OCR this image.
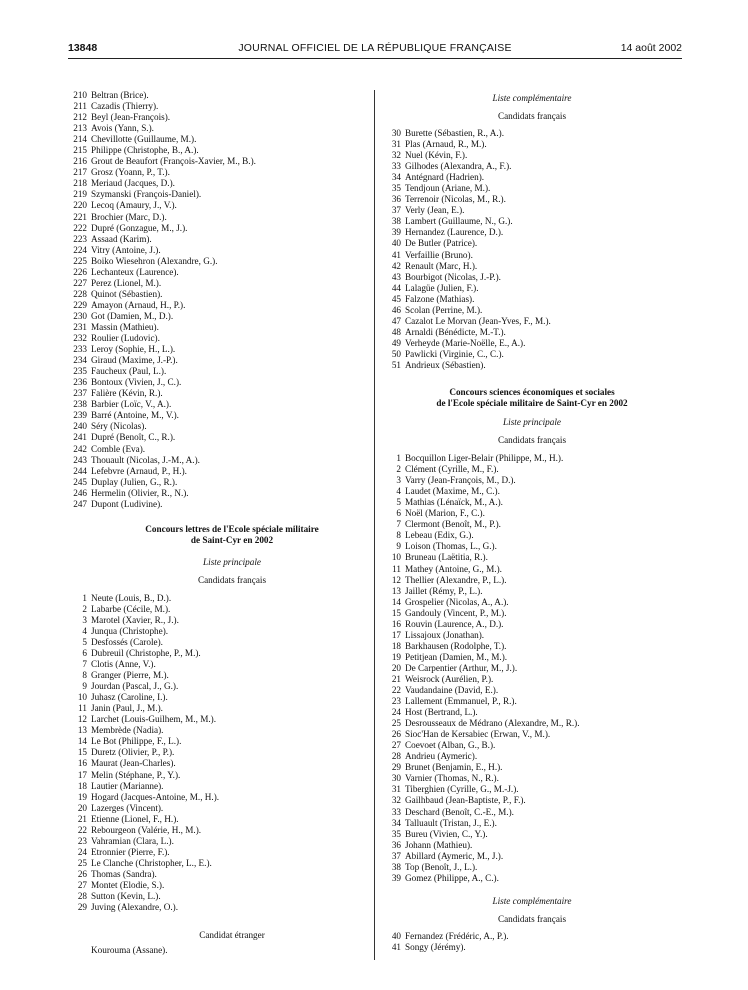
13848	JOURNAL OFFICIEL DE LA RÉPUBLIQUE FRANÇAISE	14 août 2002
210 Beltran (Brice).
211 Cazadis (Thierry).
212 Beyl (Jean-François).
213 Avois (Yann, S.).
214 Chevillotte (Guillaume, M.).
215 Philippe (Christophe, B., A.).
216 Grout de Beaufort (François-Xavier, M., B.).
217 Grosz (Yoann, P., T.).
218 Meriaud (Jacques, D.).
219 Szymanski (François-Daniel).
220 Lecoq (Amaury, J., V.).
221 Brochier (Marc, D.).
222 Dupré (Gonzague, M., J.).
223 Assaad (Karim).
224 Vitry (Antoine, J.).
225 Boiko Wiesehron (Alexandre, G.).
226 Lechanteux (Laurence).
227 Perez (Lionel, M.).
228 Quinot (Sébastien).
229 Amayon (Arnaud, H., P.).
230 Got (Damien, M., D.).
231 Massin (Mathieu).
232 Roulier (Ludovic).
233 Leroy (Sophie, H., L.).
234 Giraud (Maxime, J.-P.).
235 Faucheux (Paul, L.).
236 Bontoux (Vivien, J., C.).
237 Falière (Kévin, R.).
238 Barbier (Loïc, V., A.).
239 Barré (Antoine, M., V.).
240 Séry (Nicolas).
241 Dupré (Benoît, C., R.).
242 Comble (Eva).
243 Thouault (Nicolas, J.-M., A.).
244 Lefebvre (Arnaud, P., H.).
245 Duplay (Julien, G., R.).
246 Hermelin (Olivier, R., N.).
247 Dupont (Ludivine).
Concours lettres de l'Ecole spéciale militaire
de Saint-Cyr en 2002
Liste principale
Candidats français
1 Neute (Louis, B., D.).
2 Labarbe (Cécile, M.).
3 Marotel (Xavier, R., J.).
4 Junqua (Christophe).
5 Desfossés (Carole).
6 Dubreuil (Christophe, P., M.).
7 Clotis (Anne, V.).
8 Granger (Pierre, M.).
9 Jourdan (Pascal, J., G.).
10 Juhasz (Caroline, I.).
11 Janin (Paul, J., M.).
12 Larchet (Louis-Guilhem, M., M.).
13 Membrède (Nadia).
14 Le Bot (Philippe, F., L.).
15 Duretz (Olivier, P., P.).
16 Maurat (Jean-Charles).
17 Melin (Stéphane, P., Y.).
18 Lautier (Marianne).
19 Hogard (Jacques-Antoine, M., H.).
20 Lazerges (Vincent).
21 Etienne (Lionel, F., H.).
22 Rebourgeon (Valérie, H., M.).
23 Vahramian (Clara, L.).
24 Etronnier (Pierre, F.).
25 Le Clanche (Christopher, L., E.).
26 Thomas (Sandra).
27 Montet (Elodie, S.).
28 Sutton (Kevin, L.).
29 Juving (Alexandre, O.).
Candidat étranger
Kourouma (Assane).
Liste complémentaire
Candidats français
30 Burette (Sébastien, R., A.).
31 Plas (Arnaud, R., M.).
32 Nuel (Kévin, F.).
33 Gilhodes (Alexandra, A., F.).
34 Antégnard (Hadrien).
35 Tendjoun (Ariane, M.).
36 Terrenoir (Nicolas, M., R.).
37 Verly (Jean, E.).
38 Lambert (Guillaume, N., G.).
39 Hernandez (Laurence, D.).
40 De Butler (Patrice).
41 Verfaillie (Bruno).
42 Renault (Marc, H.).
43 Bourbigot (Nicolas, J.-P.).
44 Lalagüe (Julien, F.).
45 Falzone (Mathias).
46 Scolan (Perrine, M.).
47 Cazalot Le Morvan (Jean-Yves, F., M.).
48 Arnaldi (Bénédicte, M.-T.).
49 Verheyde (Marie-Noëlle, E., A.).
50 Pawlicki (Virginie, C., C.).
51 Andrieux (Sébastien).
Concours sciences économiques et sociales
de l'Ecole spéciale militaire de Saint-Cyr en 2002
Liste principale
Candidats français
1 Bocquillon Liger-Belair (Philippe, M., H.).
2 Clément (Cyrille, M., F.).
3 Varry (Jean-François, M., D.).
4 Laudet (Maxime, M., C.).
5 Mathias (Lénaïck, M., A.).
6 Noël (Marion, F., C.).
7 Clermont (Benoît, M., P.).
8 Lebeau (Edix, G.).
9 Loison (Thomas, L., G.).
10 Bruneau (Laëtitia, R.).
11 Mathey (Antoine, G., M.).
12 Thellier (Alexandre, P., L.).
13 Jaillet (Rémy, P., L.).
14 Grospelier (Nicolas, A., A.).
15 Gandouly (Vincent, P., M.).
16 Rouvin (Laurence, A., D.).
17 Lissajoux (Jonathan).
18 Barkhausen (Rodolphe, T.).
19 Petitjean (Damien, M., M.).
20 De Carpentier (Arthur, M., J.).
21 Weisrock (Aurélien, P.).
22 Vaudandaine (David, E.).
23 Lallement (Emmanuel, P., R.).
24 Host (Bertrand, L.).
25 Desrousseaux de Médrano (Alexandre, M., R.).
26 Sioc'Han de Kersabiec (Erwan, V., M.).
27 Coevoet (Alban, G., B.).
28 Andrieu (Aymeric).
29 Brunet (Benjamin, E., H.).
30 Varnier (Thomas, N., R.).
31 Tiberghien (Cyrille, G., M.-J.).
32 Gailhbaud (Jean-Baptiste, P., F.).
33 Deschard (Benoît, C.-E., M.).
34 Talluault (Tristan, J., E.).
35 Bureu (Vivien, C., Y.).
36 Johann (Mathieu).
37 Abillard (Aymeric, M., J.).
38 Top (Benoît, J., L.).
39 Gomez (Philippe, A., C.).
Liste complémentaire
Candidats français
40 Fernandez (Frédéric, A., P.).
41 Songy (Jérémy).
